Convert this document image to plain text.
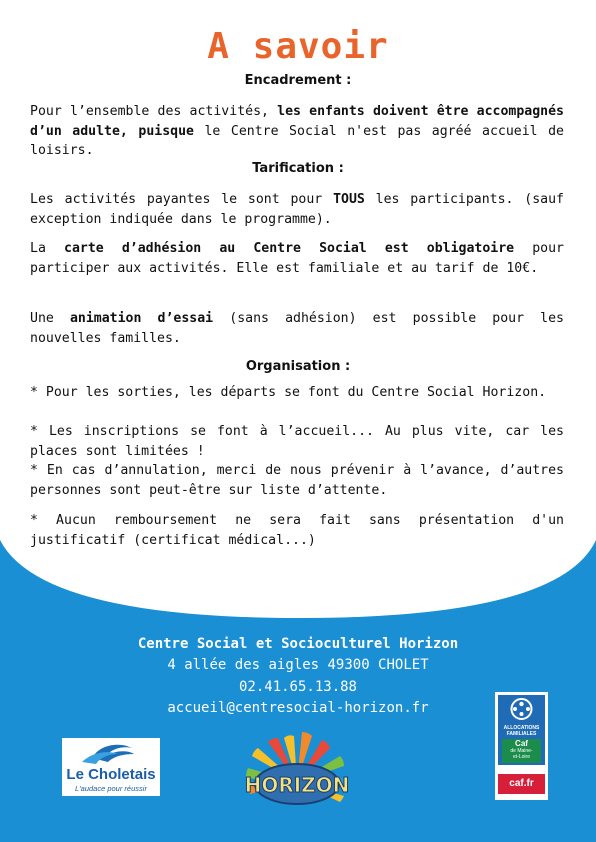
A savoir
Encadrement :

Pour l’ensemble des activités, les enfants doivent être accompagnés d’un adulte, puisque le Centre Social n'est pas agréé accueil de loisirs.

Tarification :

Les activités payantes le sont pour TOUS les participants. (sauf exception indiquée dans le programme).

La carte d’adhésion au Centre Social est obligatoire pour participer aux activités. Elle est familiale et au tarif de 10€.

Une animation d’essai (sans adhésion) est possible pour les nouvelles familles.

Organisation :

* Pour les sorties, les départs se font du Centre Social Horizon.

* Les inscriptions se font à l’accueil... Au plus vite, car les places sont limitées !

* En cas d’annulation, merci de nous prévenir à l’avance, d’autres personnes sont peut-être sur liste d’attente.

* Aucun remboursement ne sera fait sans présentation d'un justificatif (certificat médical...)

Centre Social et Socioculturel Horizon
4 allée des aigles 49300 CHOLET
02.41.65.13.88
accueil@centresocial-horizon.fr
Le Choletais
L'audace pour réussir	HORIZON
ALLOCATIONS
FAMILIALES
Caf
de Maine-
et-Loire
caf.fr
